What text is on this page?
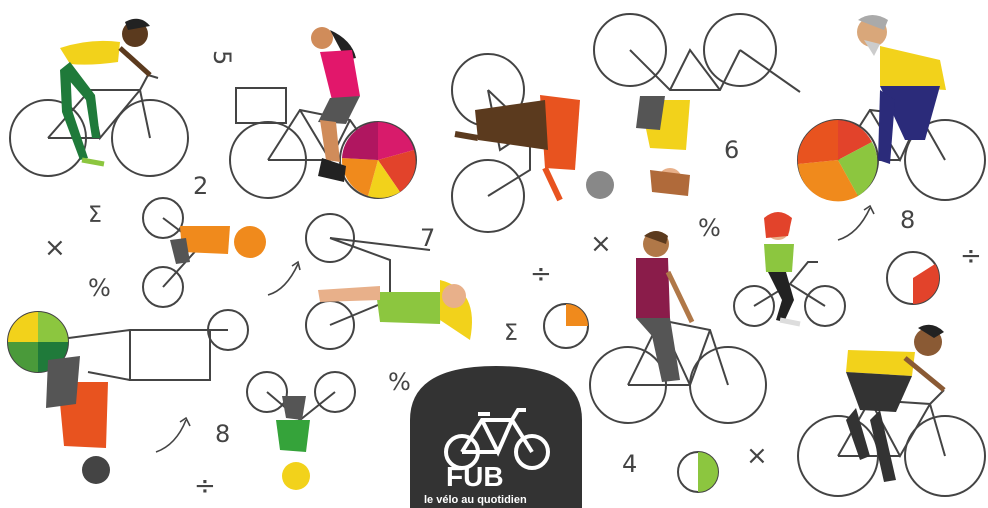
5
2
7
6
8
8
4
Σ
Σ
×	×
×
%
%
%
÷
÷
÷	FUB
le vélo au quotidien
